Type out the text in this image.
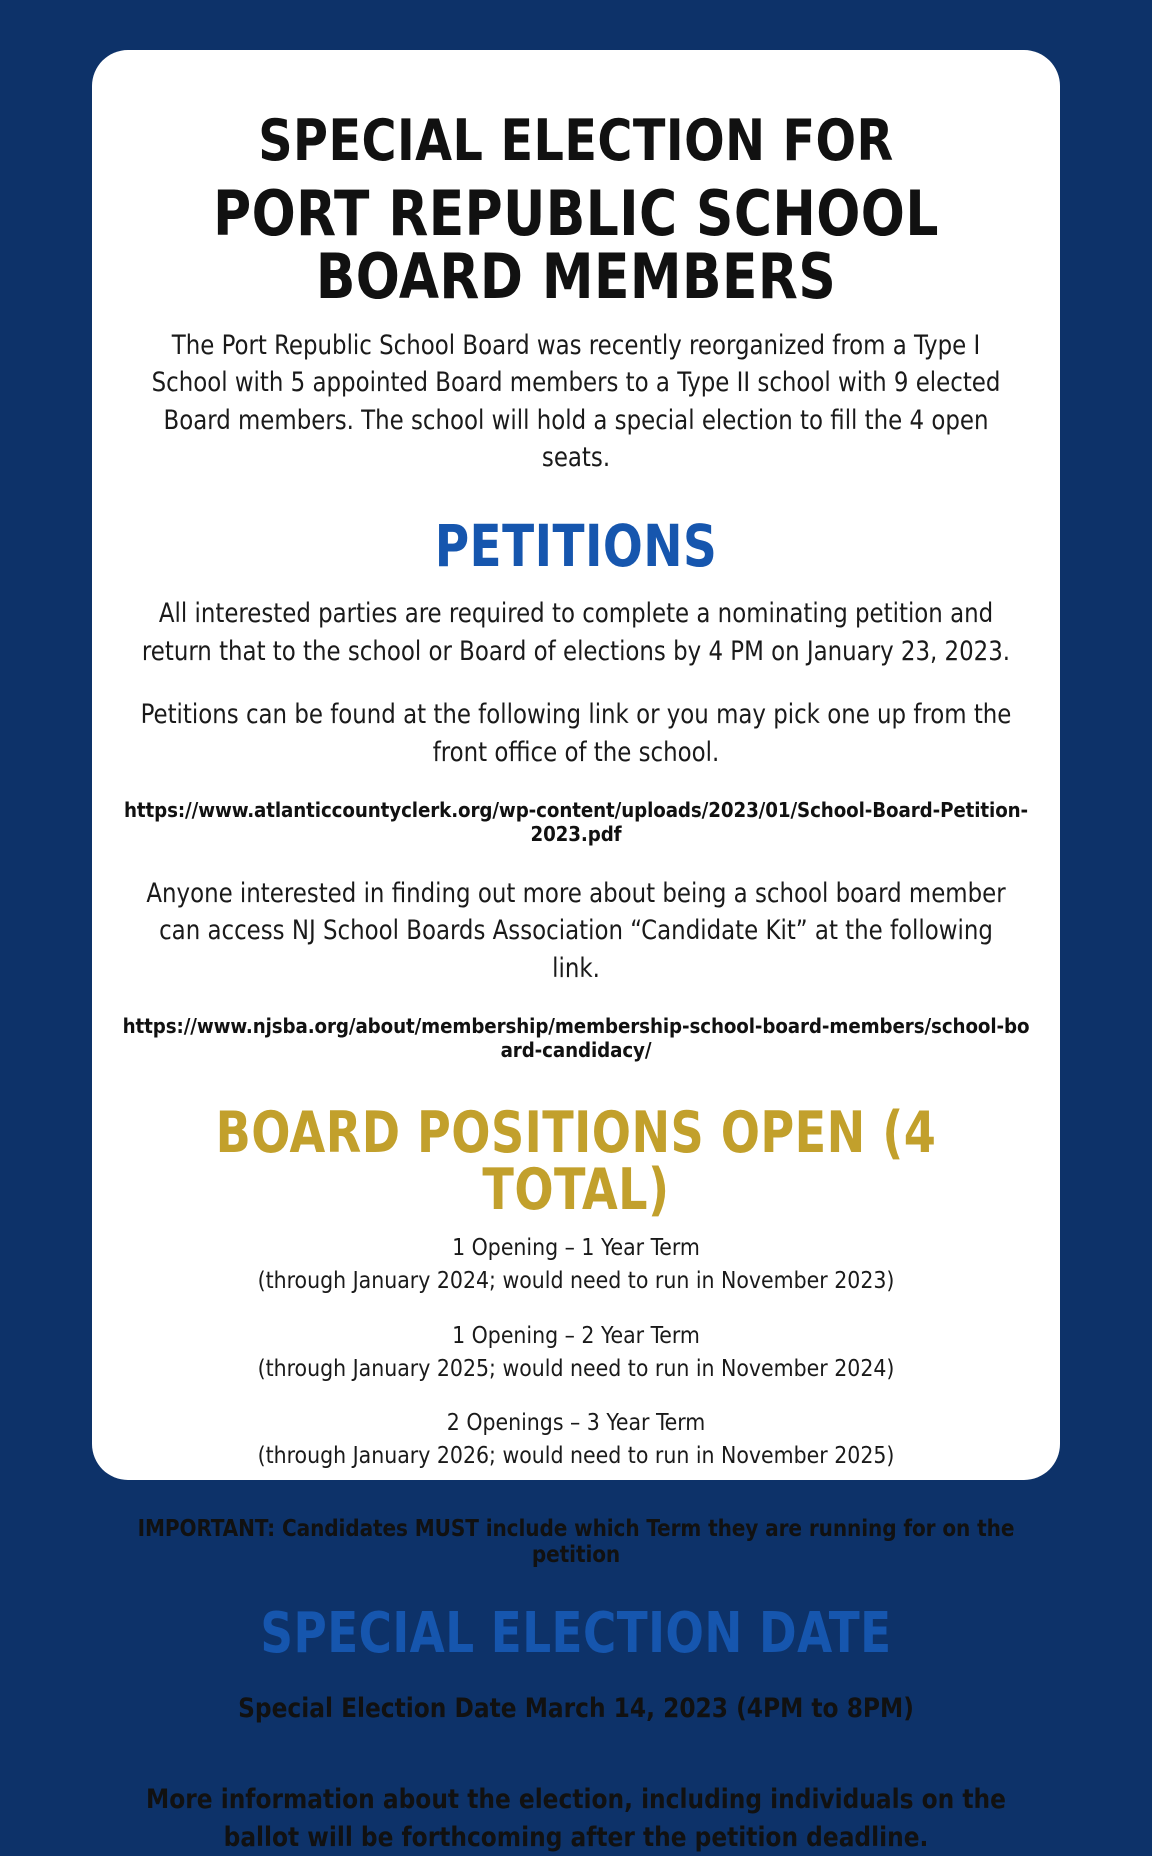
SPECIAL ELECTION FOR
PORT REPUBLIC SCHOOL BOARD MEMBERS

The Port Republic School Board was recently reorganized from a Type I School with 5 appointed Board members to a Type II school with 9 elected Board members. The school will hold a special election to fill the 4 open seats.

PETITIONS

All interested parties are required to complete a nominating petition and return that to the school or Board of elections by 4 PM on January 23, 2023.

Petitions can be found at the following link or you may pick one up from the front office of the school.

https://www.atlanticcountyclerk.org/wp-content/uploads/2023/01/School-Board-Petition-2023.pdf

Anyone interested in finding out more about being a school board member can access NJ School Boards Association “Candidate Kit” at the following link.

https://www.njsba.org/about/membership/membership-school-board-members/school-board-candidacy/
BOARD POSITIONS OPEN (4 TOTAL)
1 Opening – 1 Year Term
(through January 2024; would need to run in November 2023)
1 Opening – 2 Year Term
(through January 2025; would need to run in November 2024)
2 Openings – 3 Year Term
(through January 2026; would need to run in November 2025)
IMPORTANT: Candidates MUST include which Term they are running for on the petition
SPECIAL ELECTION DATE
Special Election Date March 14, 2023 (4PM to 8PM)
More information about the election, including individuals on the ballot will be forthcoming after the petition deadline.
